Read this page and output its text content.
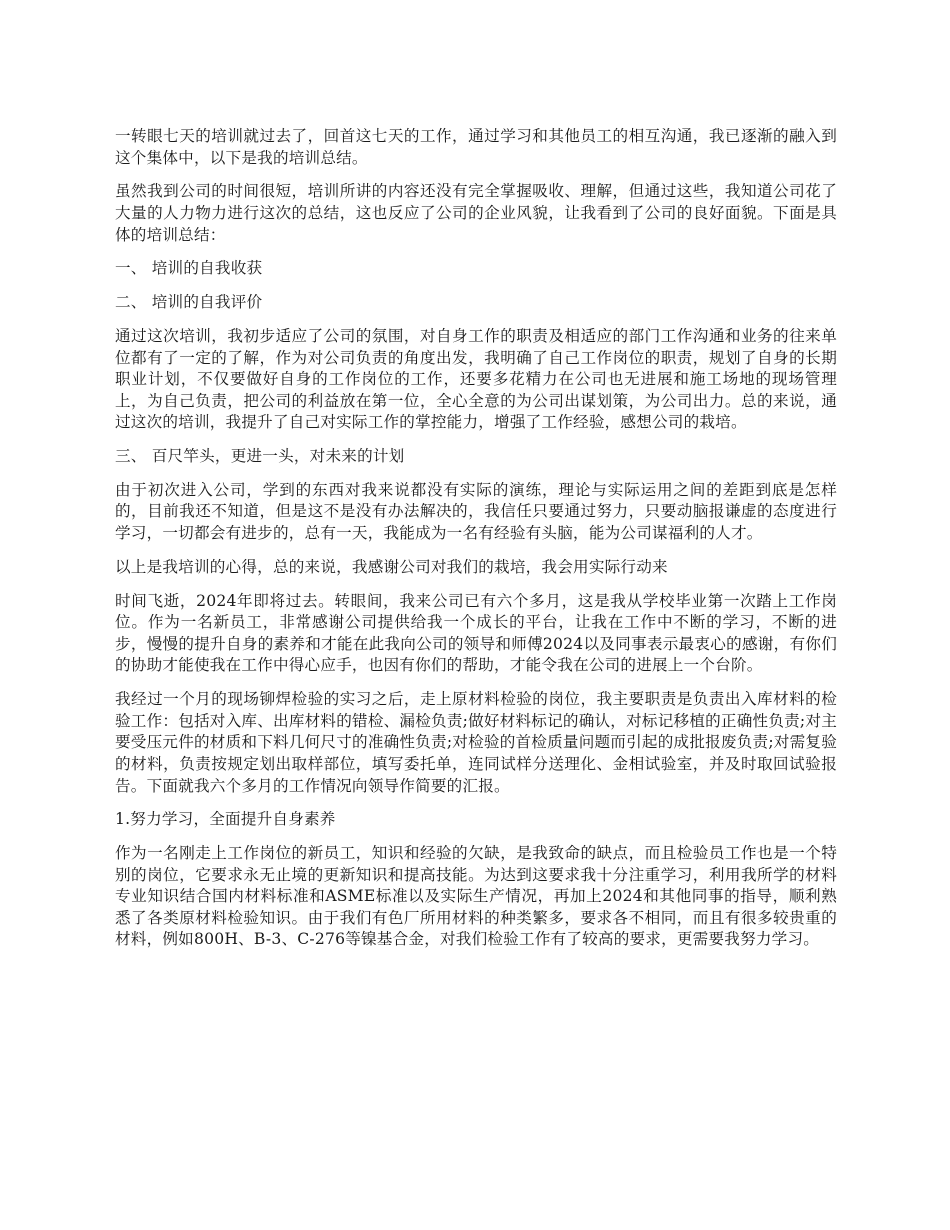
一转眼七天的培训就过去了，回首这七天的工作，通过学习和其他员工的相互沟通，我已逐渐的融入到这个集体中，以下是我的培训总结。

虽然我到公司的时间很短，培训所讲的内容还没有完全掌握吸收、理解，但通过这些，我知道公司花了大量的人力物力进行这次的总结，这也反应了公司的企业风貌，让我看到了公司的良好面貌。下面是具体的培训总结：

一、 培训的自我收获

二、 培训的自我评价

通过这次培训，我初步适应了公司的氛围，对自身工作的职责及相适应的部门工作沟通和业务的往来单位都有了一定的了解，作为对公司负责的角度出发，我明确了自己工作岗位的职责，规划了自身的长期职业计划，不仅要做好自身的工作岗位的工作，还要多花精力在公司也无进展和施工场地的现场管理上，为自己负责，把公司的利益放在第一位，全心全意的为公司出谋划策，为公司出力。总的来说，通过这次的培训，我提升了自己对实际工作的掌控能力，增强了工作经验，感想公司的栽培。

三、 百尺竿头，更进一头，对未来的计划

由于初次进入公司，学到的东西对我来说都没有实际的演练，理论与实际运用之间的差距到底是怎样的，目前我还不知道，但是这不是没有办法解决的，我信任只要通过努力，只要动脑报谦虚的态度进行学习，一切都会有进步的，总有一天，我能成为一名有经验有头脑，能为公司谋福利的人才。

以上是我培训的心得，总的来说，我感谢公司对我们的栽培，我会用实际行动来

时间飞逝，2024年即将过去。转眼间，我来公司已有六个多月，这是我从学校毕业第一次踏上工作岗位。作为一名新员工，非常感谢公司提供给我一个成长的平台，让我在工作中不断的学习，不断的进步，慢慢的提升自身的素养和才能在此我向公司的领导和师傅2024以及同事表示最衷心的感谢，有你们的协助才能使我在工作中得心应手，也因有你们的帮助，才能令我在公司的进展上一个台阶。

我经过一个月的现场铆焊检验的实习之后，走上原材料检验的岗位，我主要职责是负责出入库材料的检验工作：包括对入库、出库材料的错检、漏检负责;做好材料标记的确认，对标记移植的正确性负责;对主要受压元件的材质和下料几何尺寸的准确性负责;对检验的首检质量问题而引起的成批报废负责;对需复验的材料，负责按规定划出取样部位，填写委托单，连同试样分送理化、金相试验室，并及时取回试验报告。下面就我六个多月的工作情况向领导作简要的汇报。

1.努力学习，全面提升自身素养

作为一名刚走上工作岗位的新员工，知识和经验的欠缺，是我致命的缺点，而且检验员工作也是一个特别的岗位，它要求永无止境的更新知识和提高技能。为达到这要求我十分注重学习，利用我所学的材料专业知识结合国内材料标准和ASME标准以及实际生产情况，再加上2024和其他同事的指导，顺利熟悉了各类原材料检验知识。由于我们有色厂所用材料的种类繁多，要求各不相同，而且有很多较贵重的材料，例如800H、B-3、C-276等镍基合金，对我们检验工作有了较高的要求，更需要我努力学习。
